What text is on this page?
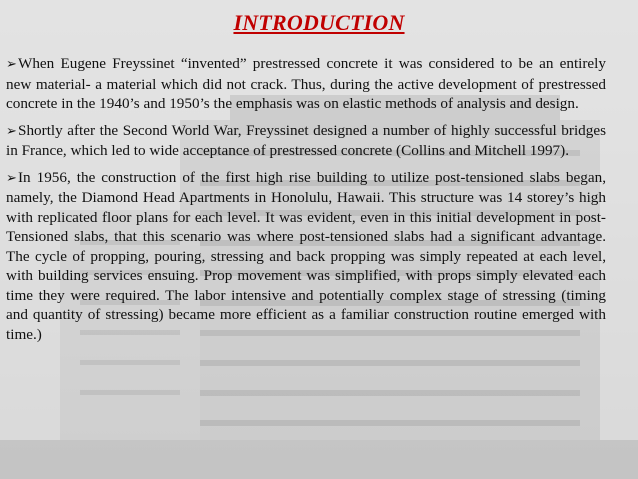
INTRODUCTION

➢When Eugene Freyssinet “invented” prestressed concrete it was considered to be an entirely new material- a material which did not crack. Thus, during the active development of prestressed concrete in the 1940’s and 1950’s the emphasis was on elastic methods of analysis and design.

➢Shortly after the Second World War, Freyssinet designed a number of highly successful bridges in France, which led to wide acceptance of prestressed concrete (Collins and Mitchell 1997).

➢In 1956, the construction of the first high rise building to utilize post-tensioned slabs began, namely, the Diamond Head Apartments in Honolulu, Hawaii. This structure was 14 storey’s high with replicated floor plans for each level. It was evident, even in this initial development in post-Tensioned slabs, that this scenario was where post-tensioned slabs had a significant advantage. The cycle of propping, pouring, stressing and back propping was simply repeated at each level, with building services ensuing. Prop movement was simplified, with props simply elevated each time they were required. The labor intensive and potentially complex stage of stressing (timing and quantity of stressing) became more efficient as a familiar construction routine emerged with time.)
